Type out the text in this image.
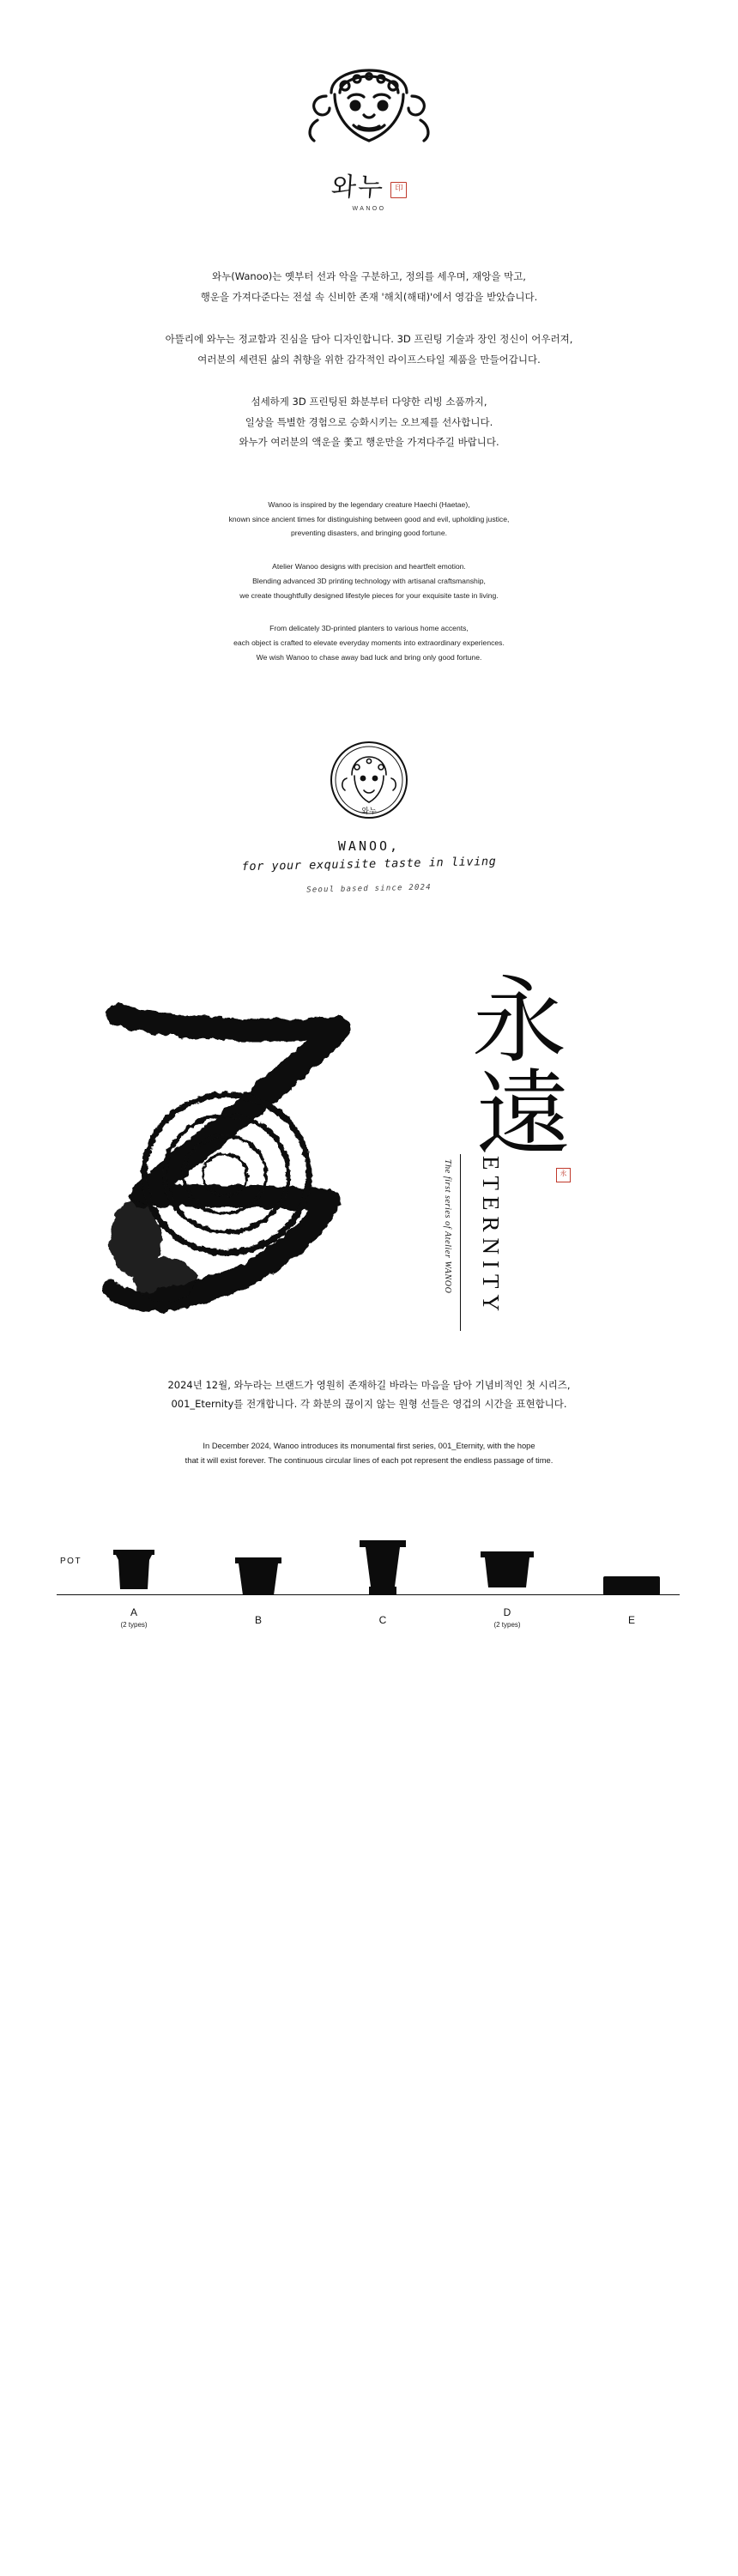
와누	印
WANOO

와누(Wanoo)는 옛부터 선과 악을 구분하고, 정의를 세우며, 재앙을 막고,
행운을 가져다준다는 전설 속 신비한 존재 '해치(해태)'에서 영감을 받았습니다.

아뜰리에 와누는 정교함과 진심을 담아 디자인합니다. 3D 프린팅 기술과 장인 정신이 어우러져,
여러분의 세련된 삶의 취향을 위한 감각적인 라이프스타일 제품을 만들어갑니다.

섬세하게 3D 프린팅된 화분부터 다양한 리빙 소품까지,
일상을 특별한 경험으로 승화시키는 오브제를 선사합니다.
와누가 여러분의 액운을 쫓고 행운만을 가져다주길 바랍니다.

Wanoo is inspired by the legendary creature Haechi (Haetae),
known since ancient times for distinguishing between good and evil, upholding justice,
preventing disasters, and bringing good fortune.

Atelier Wanoo designs with precision and heartfelt emotion.
Blending advanced 3D printing technology with artisanal craftsmanship,
we create thoughtfully designed lifestyle pieces for your exquisite taste in living.

From delicately 3D-printed planters to various home accents,
each object is crafted to elevate everyday moments into extraordinary experiences.
We wish Wanoo to chase away bad luck and bring only good fortune.

와누
WANOO,
for your exquisite taste in living
Seoul based since 2024
永
遠
永
The first series of Atelier WANOO ETERNITY
2024년 12월, 와누라는 브랜드가 영원히 존재하길 바라는 마음을 담아 기념비적인 첫 시리즈,
001_Eternity를 전개합니다. 각 화분의 끊이지 않는 원형 선들은 영겁의 시간을 표현합니다.
In December 2024, Wanoo introduces its monumental first series, 001_Eternity, with the hope
that it will exist forever. The continuous circular lines of each pot represent the endless passage of time.
POT
A
(2 types)	B	C
D
(2 types)	E
